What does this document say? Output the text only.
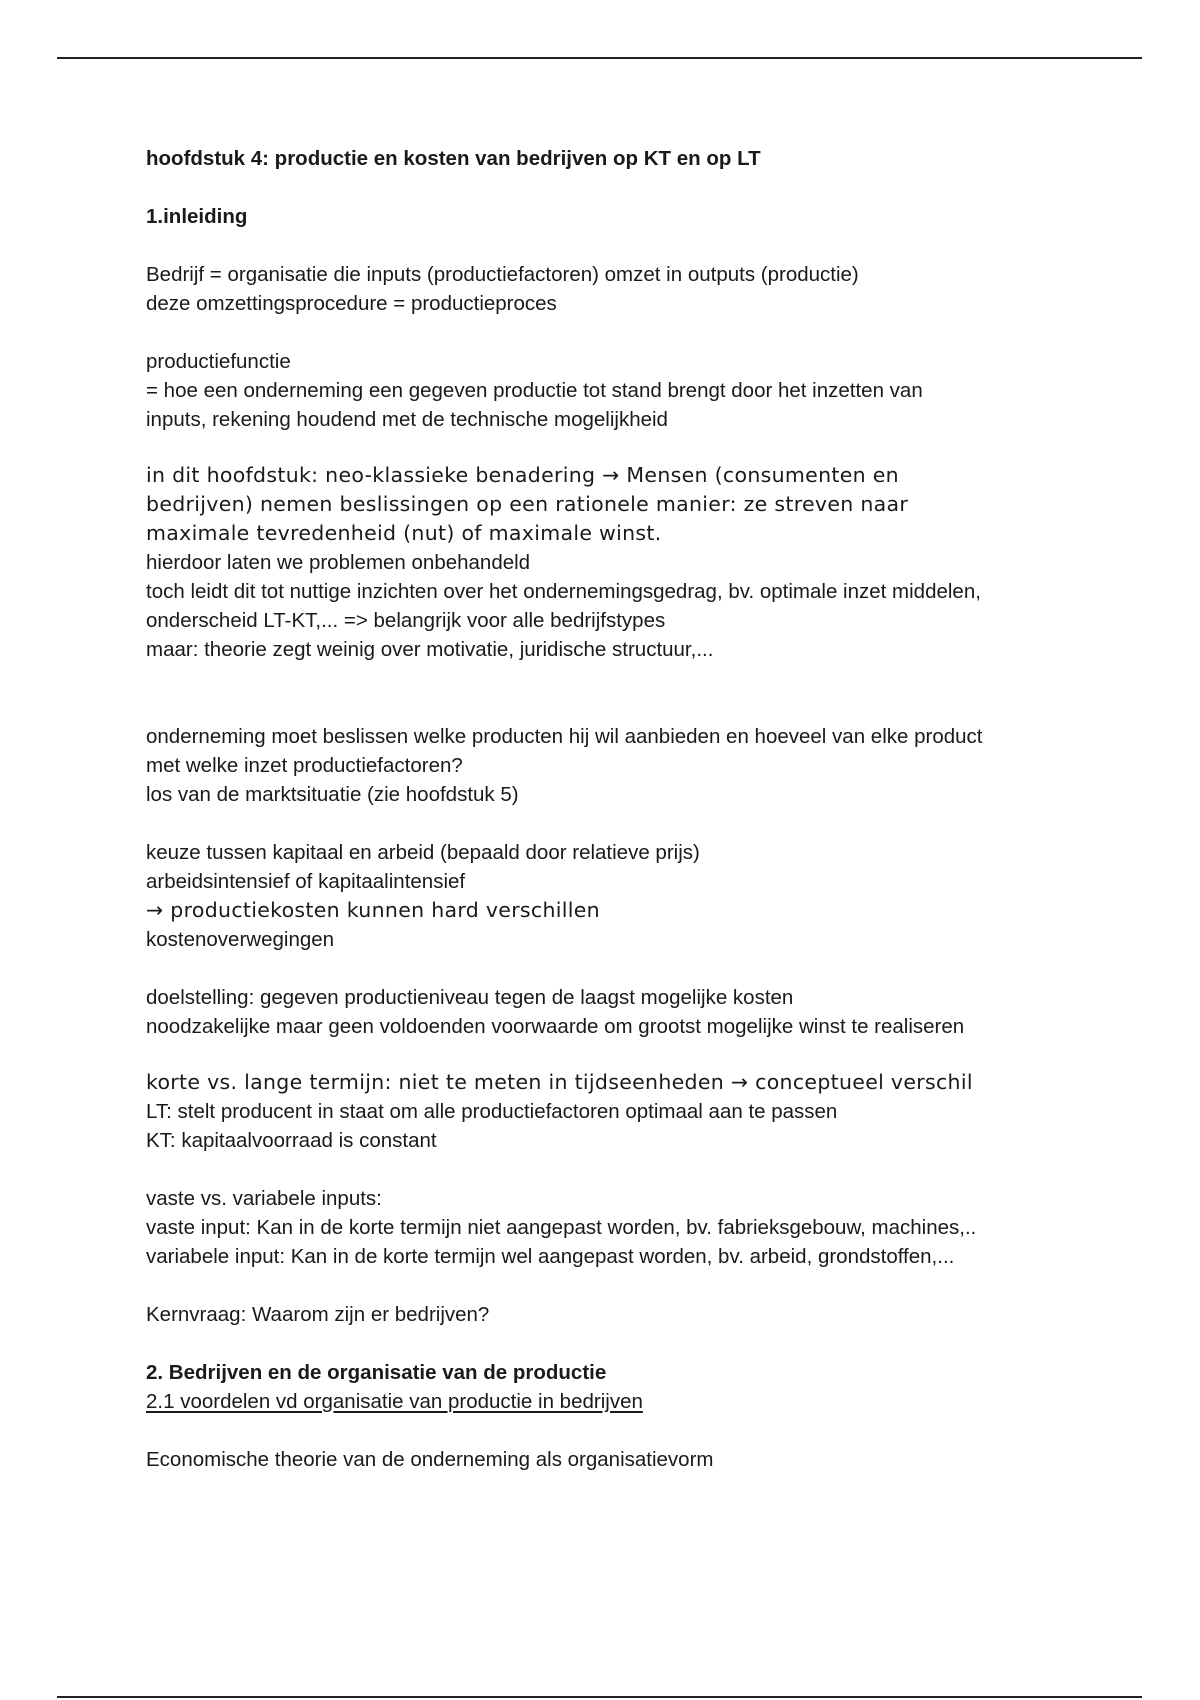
hoofdstuk 4: productie en kosten van bedrijven op KT en op LT

1.inleiding

Bedrijf = organisatie die inputs (productiefactoren) omzet in outputs (productie)

deze omzettingsprocedure = productieproces

productiefunctie

= hoe een onderneming een gegeven productie tot stand brengt door het inzetten van

inputs, rekening houdend met de technische mogelijkheid

in dit hoofdstuk: neo-klassieke benadering → Mensen (consumenten en

bedrijven) nemen beslissingen op een rationele manier: ze streven naar

maximale tevredenheid (nut) of maximale winst.

hierdoor laten we problemen onbehandeld

toch leidt dit tot nuttige inzichten over het ondernemingsgedrag, bv. optimale inzet middelen,

onderscheid LT-KT,... => belangrijk voor alle bedrijfstypes

maar: theorie zegt weinig over motivatie, juridische structuur,...

onderneming moet beslissen welke producten hij wil aanbieden en hoeveel van elke product

met welke inzet productiefactoren?

los van de marktsituatie (zie hoofdstuk 5)

keuze tussen kapitaal en arbeid (bepaald door relatieve prijs)

arbeidsintensief of kapitaalintensief

→ productiekosten kunnen hard verschillen

kostenoverwegingen

doelstelling: gegeven productieniveau tegen de laagst mogelijke kosten

noodzakelijke maar geen voldoenden voorwaarde om grootst mogelijke winst te realiseren

korte vs. lange termijn: niet te meten in tijdseenheden → conceptueel verschil

LT: stelt producent in staat om alle productiefactoren optimaal aan te passen

KT: kapitaalvoorraad is constant

vaste vs. variabele inputs:

vaste input: Kan in de korte termijn niet aangepast worden, bv. fabrieksgebouw, machines,..

variabele input: Kan in de korte termijn wel aangepast worden, bv. arbeid, grondstoffen,...

Kernvraag: Waarom zijn er bedrijven?

2. Bedrijven en de organisatie van de productie

2.1 voordelen vd organisatie van productie in bedrijven

Economische theorie van de onderneming als organisatievorm
